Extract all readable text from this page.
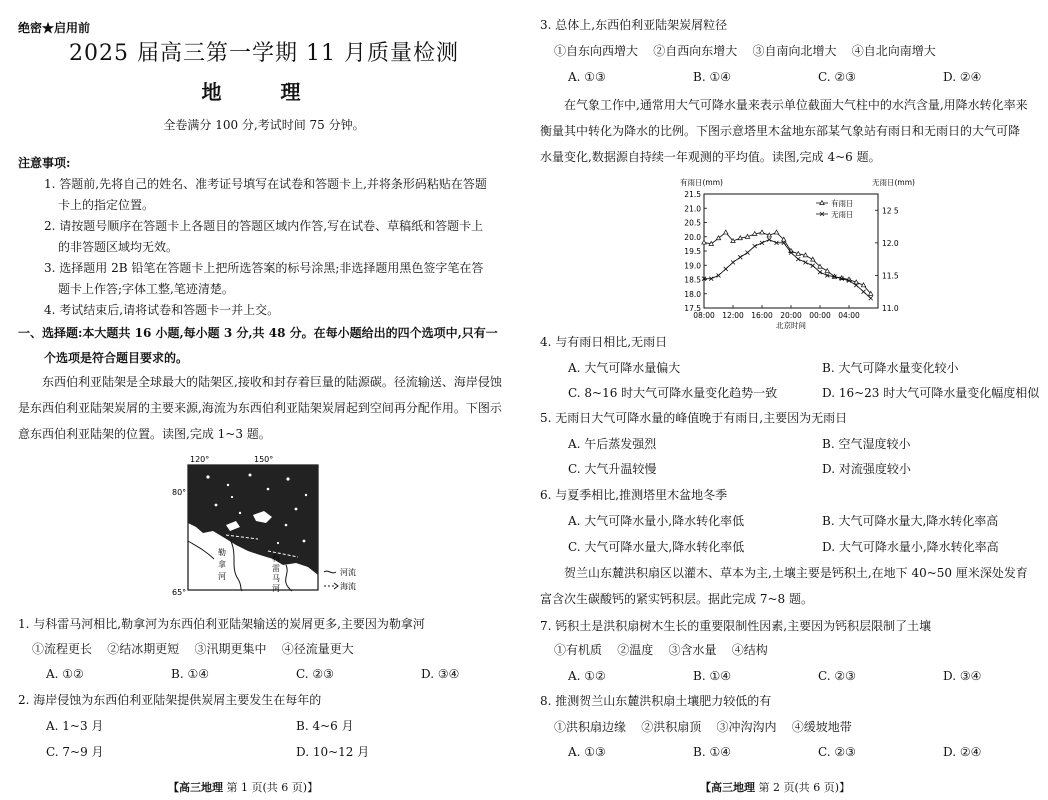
绝密★启用前
2025 届高三第一学期 11 月质量检测
地 理
全卷满分 100 分,考试时间 75 分钟。
注意事项:
1. 答题前,先将自己的姓名、准考证号填写在试卷和答题卡上,并将条形码粘贴在答题
卡上的指定位置。
2. 请按题号顺序在答题卡上各题目的答题区域内作答,写在试卷、草稿纸和答题卡上
的非答题区域均无效。
3. 选择题用 2B 铅笔在答题卡上把所选答案的标号涂黑;非选择题用黑色签字笔在答
题卡上作答;字体工整,笔迹清楚。
4. 考试结束后,请将试卷和答题卡一并上交。
一、选择题:本大题共 16 小题,每小题 3 分,共 48 分。在每小题给出的四个选项中,只有一
个选项是符合题目要求的。
东西伯利亚陆架是全球最大的陆架区,接收和封存着巨量的陆源碳。径流输送、海岸侵蚀是东西伯利亚陆架炭屑的主要来源,海流为东西伯利亚陆架炭屑起到空间再分配作用。下图示意东西伯利亚陆架的位置。读图,完成 1~3 题。
120°	150°
80°
65°
勒
拿
河
科
雷
马
河
河流
海流
1. 与科雷马河相比,勒拿河为东西伯利亚陆架输送的炭屑更多,主要因为勒拿河
①流程更长    ②结冰期更短    ③汛期更集中    ④径流量更大
A. ①②	B. ①④	C. ②③	D. ③④
2. 海岸侵蚀为东西伯利亚陆架提供炭屑主要发生在每年的
A. 1~3 月	B. 4~6 月
C. 7~9 月	D. 10~12 月
【高三地理 第 1 页(共 6 页)】
3. 总体上,东西伯利亚陆架炭屑粒径
①自东向西增大    ②自西向东增大    ③自南向北增大    ④自北向南增大
A. ①③	B. ①④	C. ②③	D. ②④
在气象工作中,通常用大气可降水量来表示单位截面大气柱中的水汽含量,用降水转化率来衡量其中转化为降水的比例。下图示意塔里木盆地东部某气象站有雨日和无雨日的大气可降水量变化,数据源自持续一年观测的平均值。读图,完成 4~6 题。
17.5
18.0
18.5
19.0
19.5
20.0
20.5
21.0
21.5
11.0
11.5
12.0
12 5
08:00 12:00 16:00 20:00 00:00 04:00
有雨日(mm)	无雨日(mm)
北京时间
有雨日
无雨日
4. 与有雨日相比,无雨日
A. 大气可降水量偏大	B. 大气可降水量变化较小
C. 8~16 时大气可降水量变化趋势一致	D. 16~23 时大气可降水量变化幅度相似
5. 无雨日大气可降水量的峰值晚于有雨日,主要因为无雨日
A. 午后蒸发强烈	B. 空气湿度较小
C. 大气升温较慢	D. 对流强度较小
6. 与夏季相比,推测塔里木盆地冬季
A. 大气可降水量小,降水转化率低	B. 大气可降水量大,降水转化率高
C. 大气可降水量大,降水转化率低	D. 大气可降水量小,降水转化率高
贺兰山东麓洪积扇区以灌木、草本为主,土壤主要是钙积土,在地下 40~50 厘米深处发育富含次生碳酸钙的紧实钙积层。据此完成 7~8 题。
7. 钙积土是洪积扇树木生长的重要限制性因素,主要因为钙积层限制了土壤
①有机质    ②温度    ③含水量    ④结构
A. ①②	B. ①④	C. ②③	D. ③④
8. 推测贺兰山东麓洪积扇土壤肥力较低的有
①洪积扇边缘    ②洪积扇顶    ③冲沟沟内    ④缓坡地带
A. ①③	B. ①④	C. ②③	D. ②④
【高三地理 第 2 页(共 6 页)】
